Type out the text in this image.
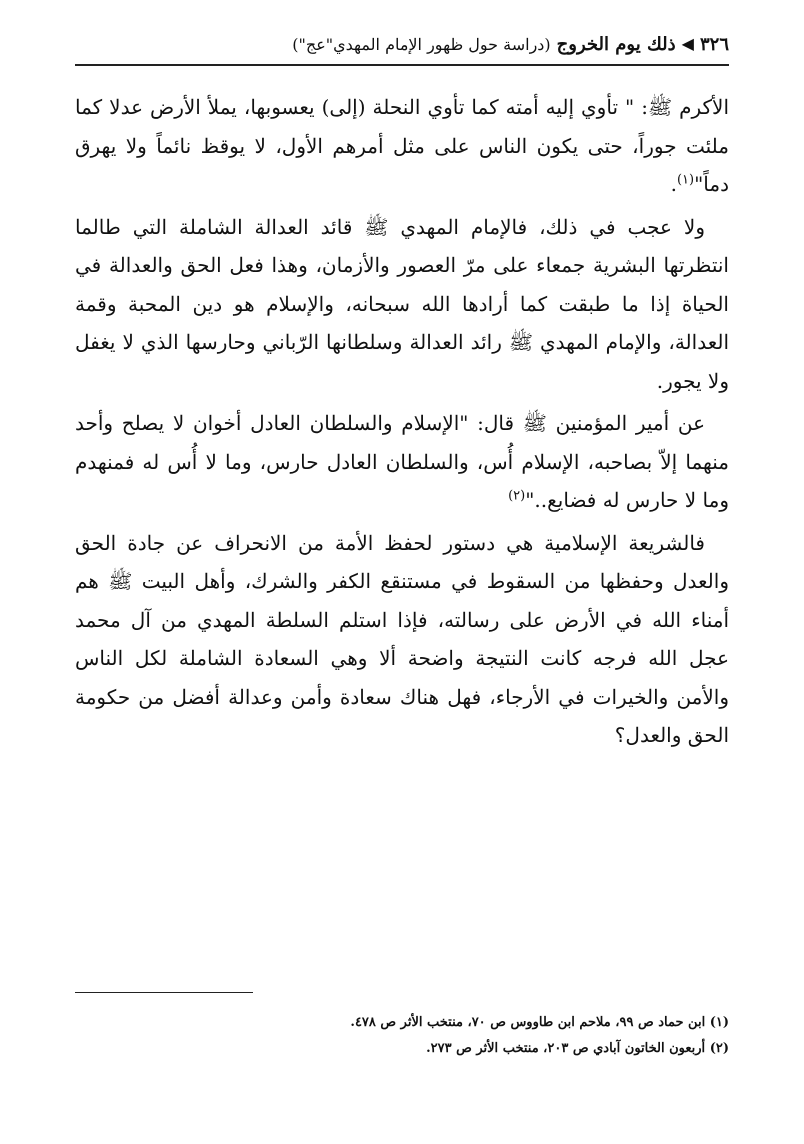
٣٢٦
◀
ذلك يوم الخروج
(دراسة حول ظهور الإمام المهدي"عج")

الأكرم ﷺ: " تأوي إليه أمته كما تأوي النحلة (إلى) يعسوبها، يملأ الأرض عدلا كما ملئت جوراً، حتى يكون الناس على مثل أمرهم الأول، لا يوقظ نائماً ولا يهرق دماً"$^{(١)}$.

ولا عجب في ذلك، فالإمام المهدي ﷺ قائد العدالة الشاملة التي طالما انتظرتها البشرية جمعاء على مرّ العصور والأزمان، وهذا فعل الحق والعدالة في الحياة إذا ما طبقت كما أرادها الله سبحانه، والإسلام هو دين المحبة وقمة العدالة، والإمام المهدي ﷺ رائد العدالة وسلطانها الرّباني وحارسها الذي لا يغفل ولا يجور.

عن أمير المؤمنين ﷺ قال: "الإسلام والسلطان العادل أخوان لا يصلح وأحد منهما إلاّ بصاحبه، الإسلام أُس، والسلطان العادل حارس، وما لا أُس له فمنهدم وما لا حارس له فضايع.."$^{(٢)}$

فالشريعة الإسلامية هي دستور لحفظ الأمة من الانحراف عن جادة الحق والعدل وحفظها من السقوط في مستنقع الكفر والشرك، وأهل البيت ﷺ هم أمناء الله في الأرض على رسالته، فإذا استلم السلطة المهدي من آل محمد عجل الله فرجه كانت النتيجة واضحة ألا وهي السعادة الشاملة لكل الناس والأمن والخيرات في الأرجاء، فهل هناك سعادة وأمن وعدالة أفضل من حكومة الحق والعدل؟

(١) ابن حماد ص ٩٩، ملاحم ابن طاووس ص ٧٠، منتخب الأثر ص ٤٧٨.
(٢) أربعون الخاتون آبادي ص ٢٠٣، منتخب الأثر ص ٢٧٣.
